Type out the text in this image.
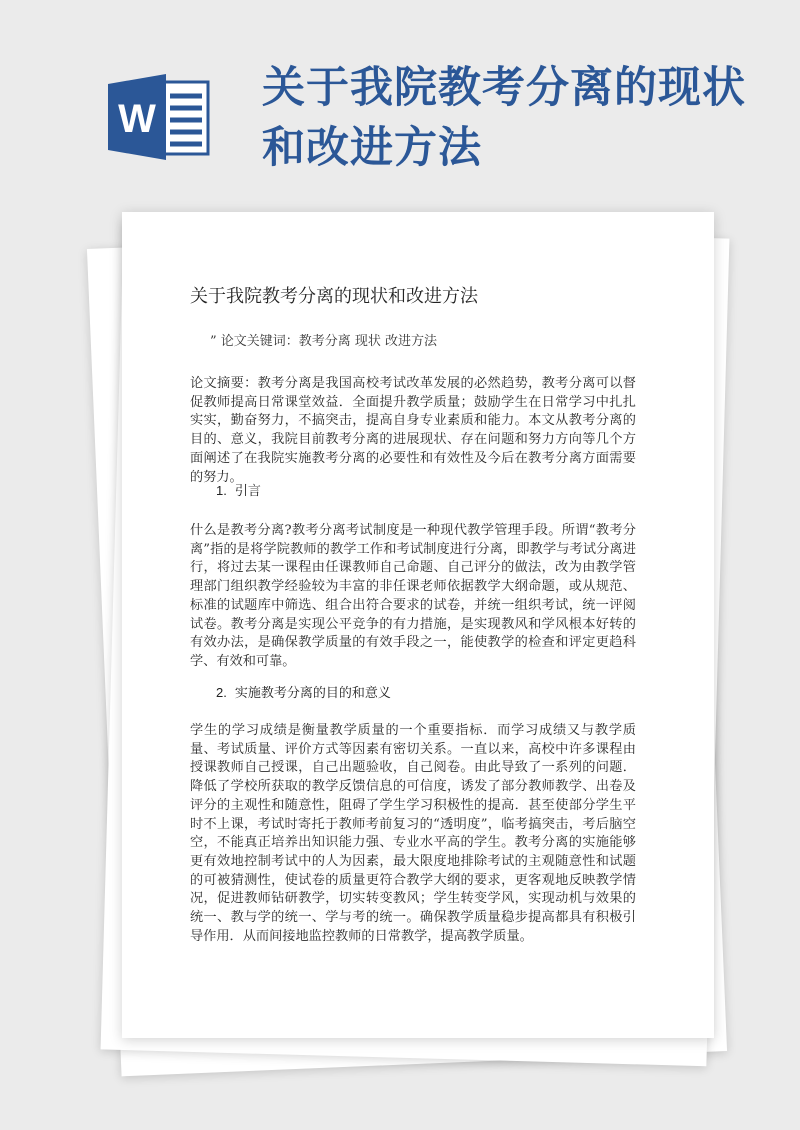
W
关于我院教考分离的现状和改进方法
关于我院教考分离的现状和改进方法
” 论文关键词：教考分离 现状 改进方法
论文摘要：教考分离是我国高校考试改革发展的必然趋势，教考分离可以督促教师提高日常课堂效益．全面提升教学质量；鼓励学生在日常学习中扎扎实实，勤奋努力，不搞突击，提高自身专业素质和能力。本文从教考分离的目的、意义，我院目前教考分离的进展现状、存在问题和努力方向等几个方面阐述了在我院实施教考分离的必要性和有效性及今后在教考分离方面需要的努力。
1. 引言
什么是教考分离?教考分离考试制度是一种现代教学管理手段。所谓“教考分离”指的是将学院教师的教学工作和考试制度进行分离，即教学与考试分离进行，将过去某一课程由任课教师自己命题、自己评分的做法，改为由教学管理部门组织教学经验较为丰富的非任课老师依据教学大纲命题，或从规范、标准的试题库中筛选、组合出符合要求的试卷，并统一组织考试，统一评阅试卷。教考分离是实现公平竞争的有力措施，是实现教风和学风根本好转的有效办法，是确保教学质量的有效手段之一，能使教学的检查和评定更趋科学、有效和可靠。
2. 实施教考分离的目的和意义
学生的学习成绩是衡量教学质量的一个重要指标．而学习成绩又与教学质量、考试质量、评价方式等因素有密切关系。一直以来，高校中许多课程由授课教师自己授课，自己出题验收，自己阅卷。由此导致了一系列的问题．降低了学校所获取的教学反馈信息的可信度，诱发了部分教师教学、出卷及评分的主观性和随意性，阻碍了学生学习积极性的提高．甚至使部分学生平时不上课，考试时寄托于教师考前复习的“透明度”，临考搞突击，考后脑空空，不能真正培养出知识能力强、专业水平高的学生。教考分离的实施能够更有效地控制考试中的人为因素，最大限度地排除考试的主观随意性和试题的可被猜测性，使试卷的质量更符合教学大纲的要求，更客观地反映教学情况，促进教师钻研教学，切实转变教风；学生转变学风，实现动机与效果的统一、教与学的统一、学与考的统一。确保教学质量稳步提高都具有积极引导作用．从而间接地监控教师的日常教学，提高教学质量。
